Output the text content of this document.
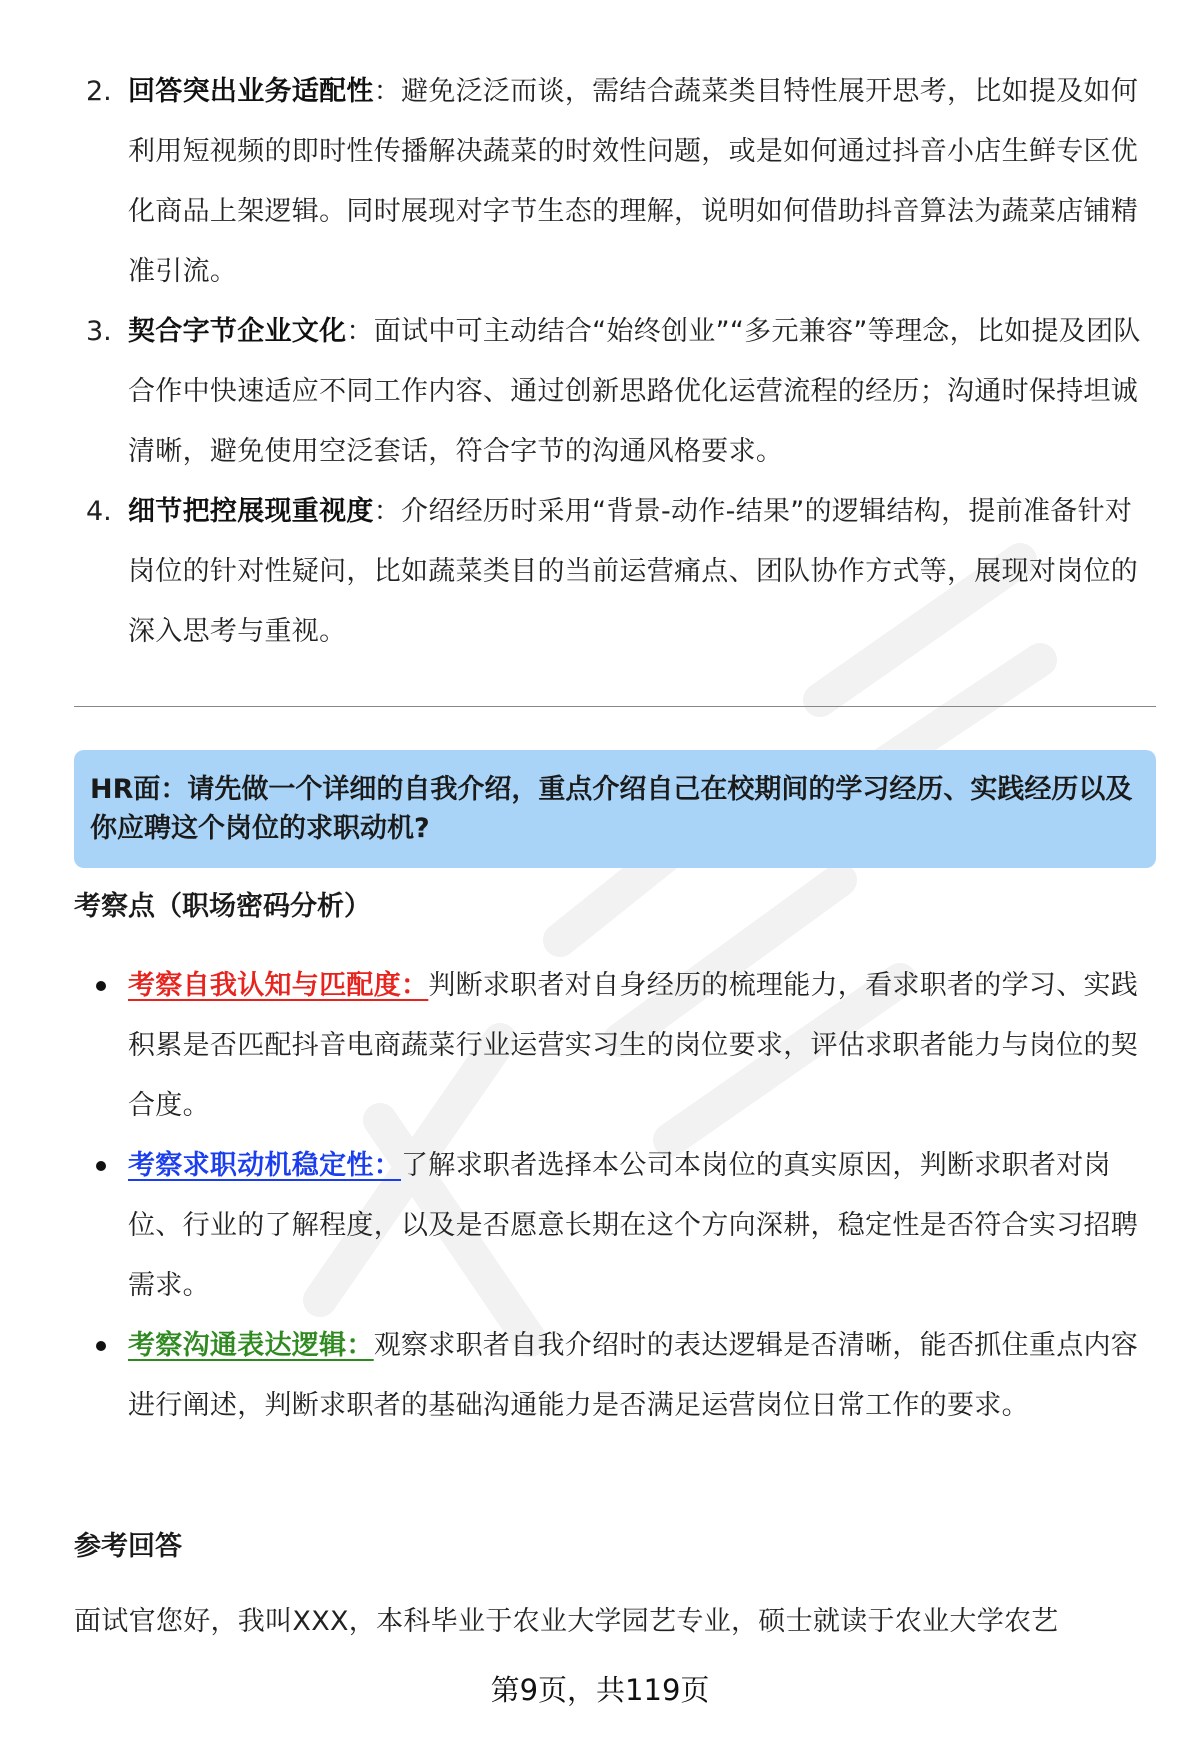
2. 回答突出业务适配性：避免泛泛而谈，需结合蔬菜类目特性展开思考，比如提及如何利用短视频的即时性传播解决蔬菜的时效性问题，或是如何通过抖音小店生鲜专区优化商品上架逻辑。同时展现对字节生态的理解，说明如何借助抖音算法为蔬菜店铺精准引流。
3. 契合字节企业文化：面试中可主动结合“始终创业”“多元兼容”等理念，比如提及团队合作中快速适应不同工作内容、通过创新思路优化运营流程的经历；沟通时保持坦诚清晰，避免使用空泛套话，符合字节的沟通风格要求。
4. 细节把控展现重视度：介绍经历时采用“背景-动作-结果”的逻辑结构，提前准备针对岗位的针对性疑问，比如蔬菜类目的当前运营痛点、团队协作方式等，展现对岗位的深入思考与重视。
HR面：请先做一个详细的自我介绍，重点介绍自己在校期间的学习经历、实践经历以及你应聘这个岗位的求职动机?
考察点（职场密码分析）
考察自我认知与匹配度：判断求职者对自身经历的梳理能力，看求职者的学习、实践积累是否匹配抖音电商蔬菜行业运营实习生的岗位要求，评估求职者能力与岗位的契合度。
考察求职动机稳定性：了解求职者选择本公司本岗位的真实原因，判断求职者对岗位、行业的了解程度，以及是否愿意长期在这个方向深耕，稳定性是否符合实习招聘需求。
考察沟通表达逻辑：观察求职者自我介绍时的表达逻辑是否清晰，能否抓住重点内容进行阐述，判断求职者的基础沟通能力是否满足运营岗位日常工作的要求。
参考回答
面试官您好，我叫XXX，本科毕业于农业大学园艺专业，硕士就读于农业大学农艺
第9页，共119页
